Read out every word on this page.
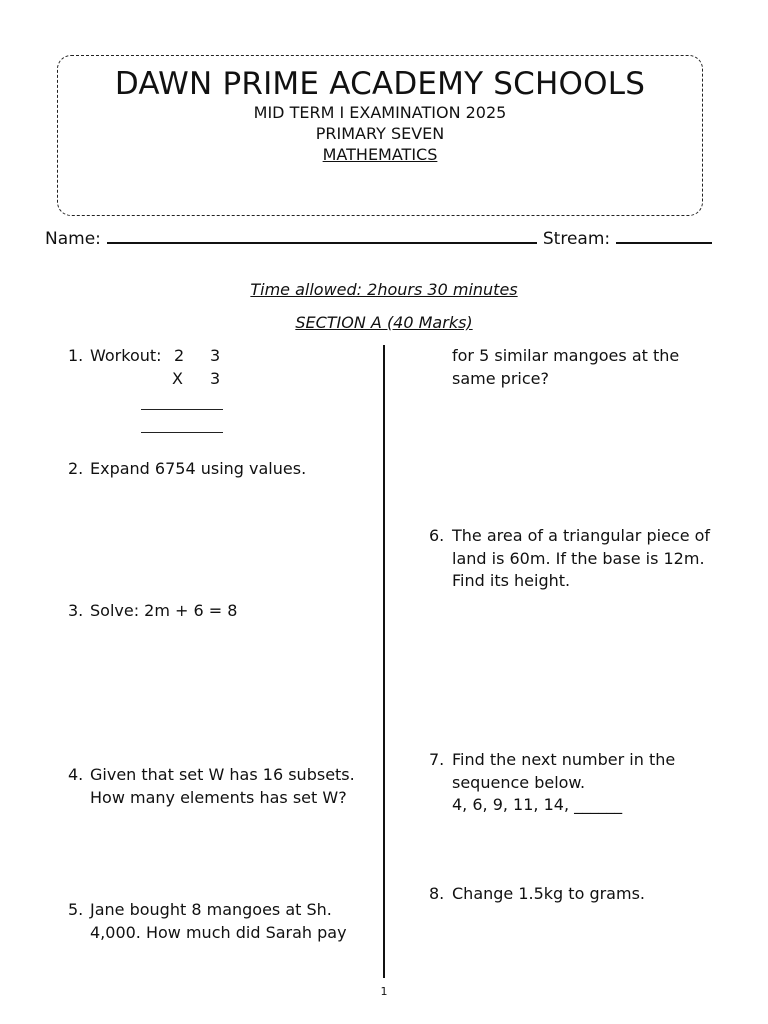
DAWN PRIME ACADEMY SCHOOLS
MID TERM I EXAMINATION 2025
PRIMARY SEVEN
MATHEMATICS
Name:	Stream:
Time allowed: 2hours 30 minutes
SECTION A (40 Marks)
1. Workout: 2	3
X	3
2. Expand 6754 using values.
3. Solve: 2m + 6 = 8
4. Given that set W has 16 subsets.
How many elements has set W?
5. Jane bought 8 mangoes at Sh.
4,000. How much did Sarah pay
for 5 similar mangoes at the
same price?
6. The area of a triangular piece of
land is 60m. If the base is 12m.
Find its height.
7. Find the next number in the
sequence below.
4, 6, 9, 11, 14, ______
8. Change 1.5kg to grams.
1
